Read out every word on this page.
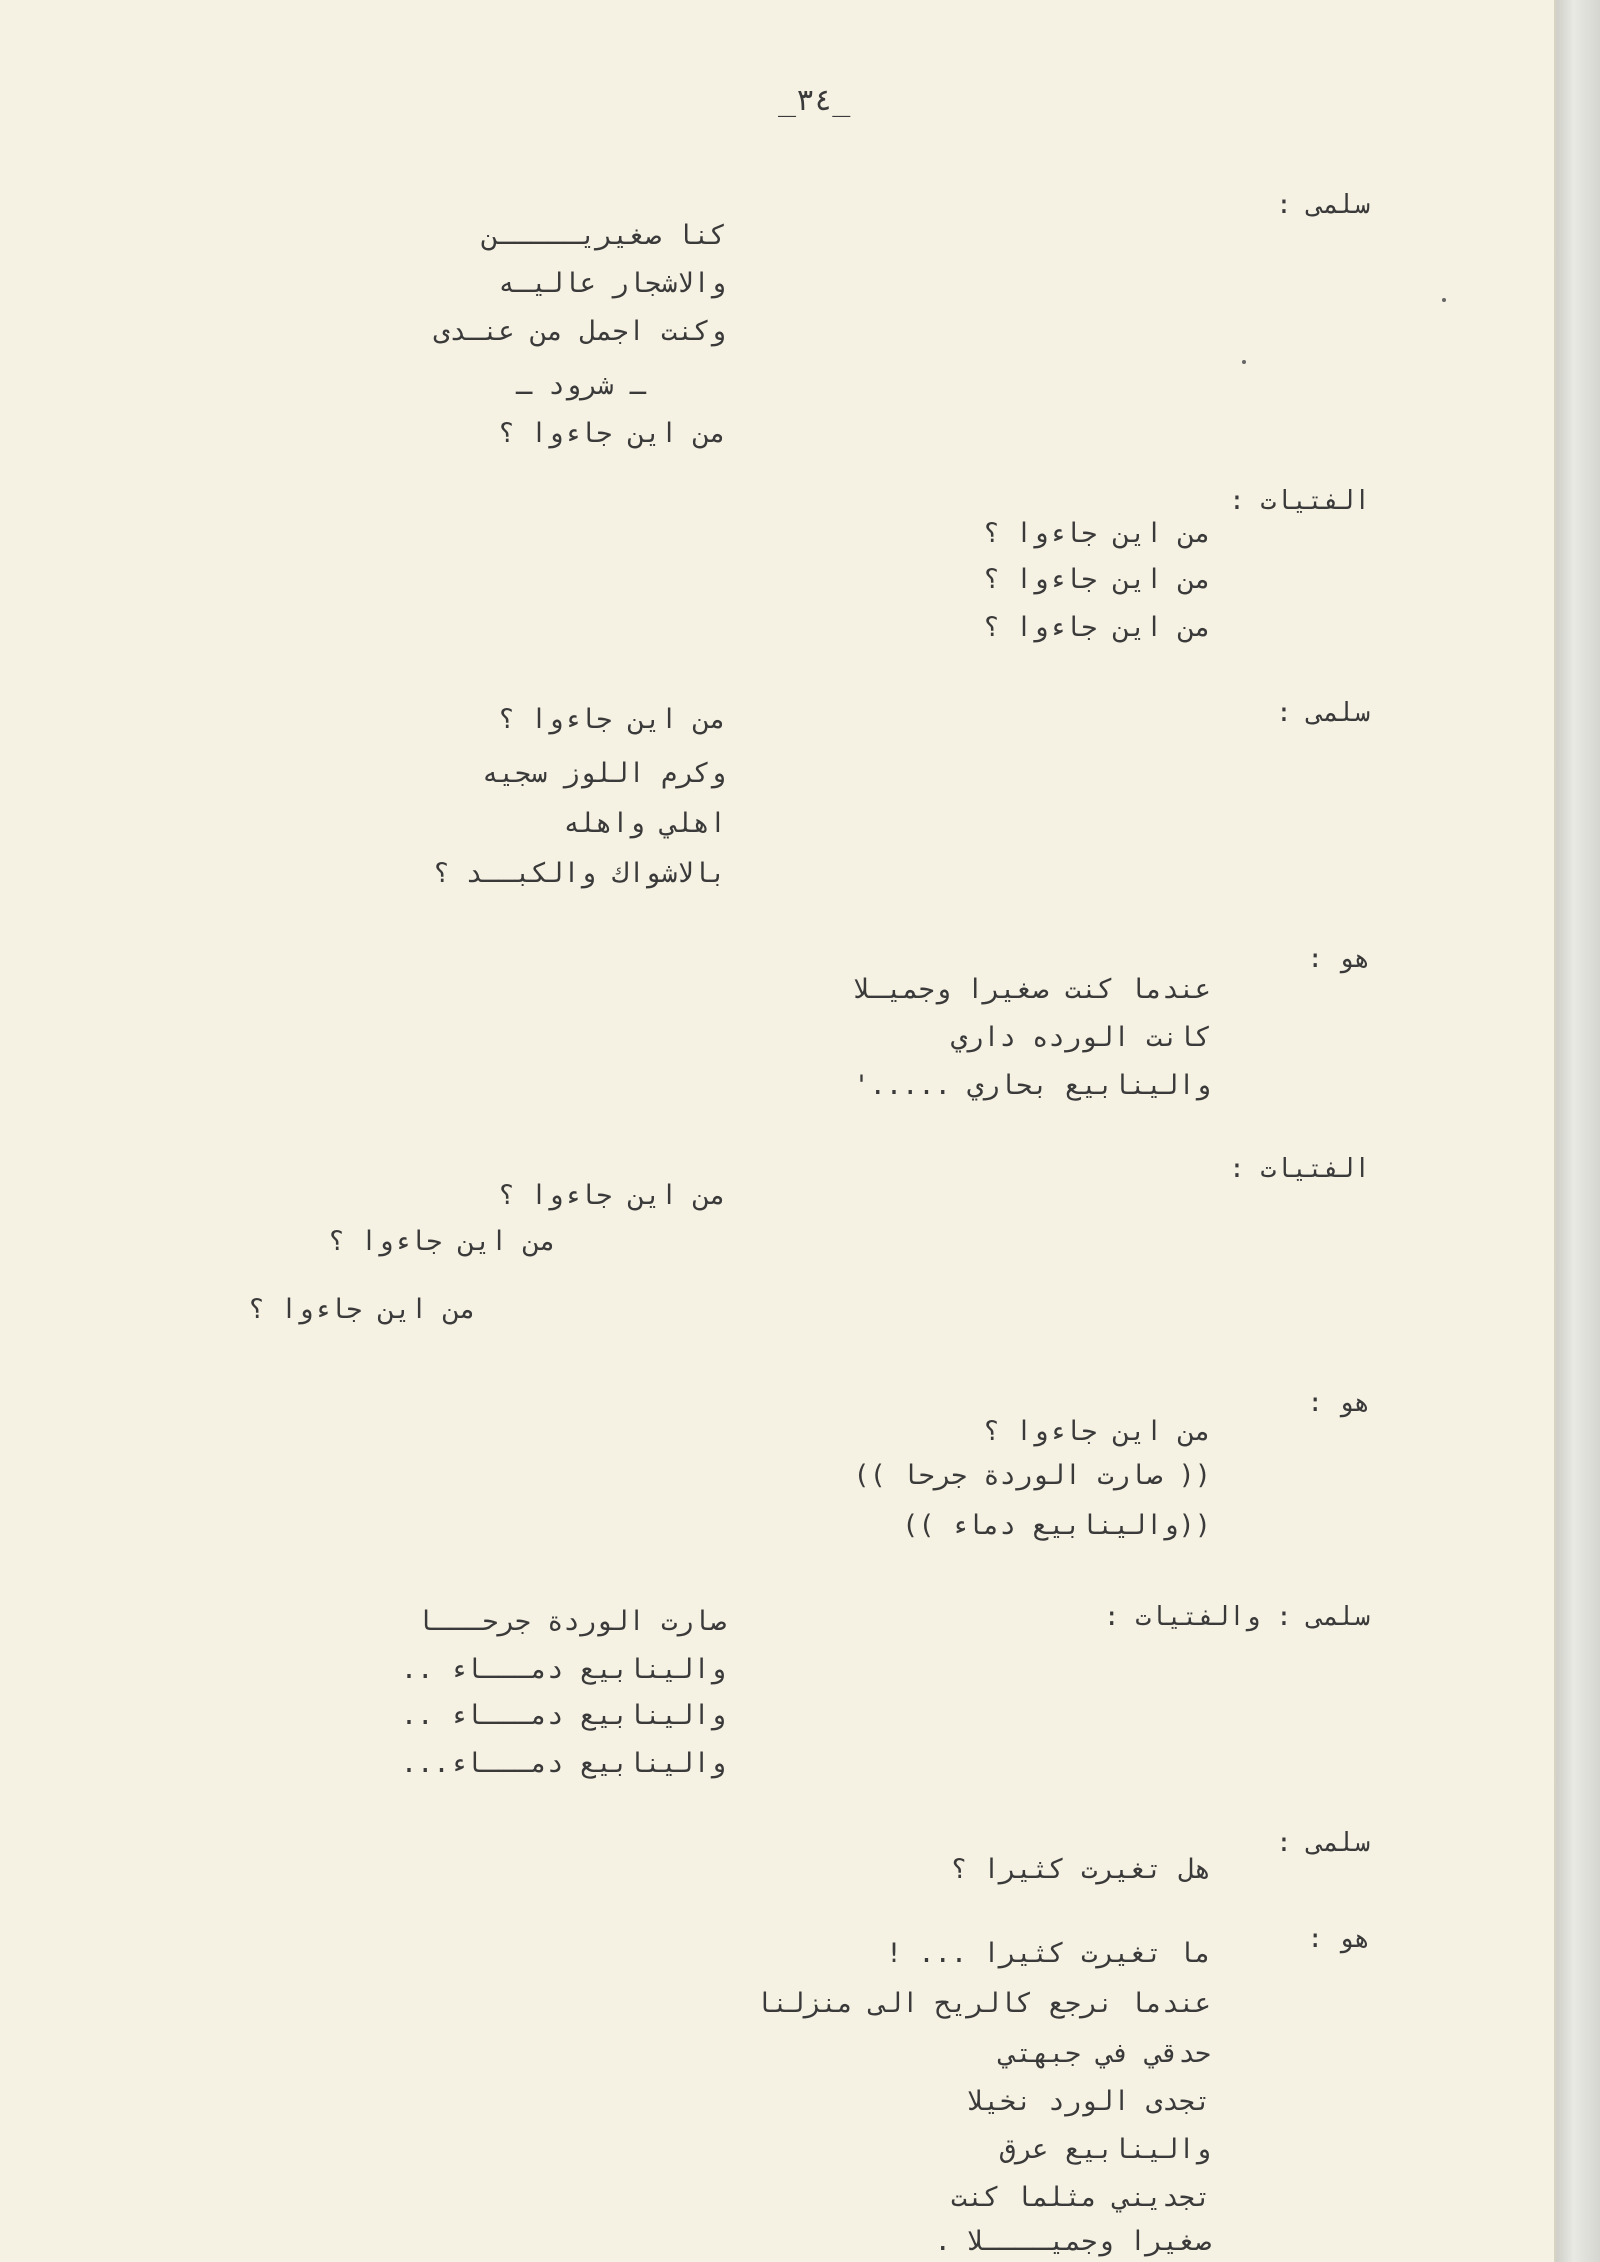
_٣٤_
سلمى :
كنا صغيريـــــن
والاشجار عاليـه
وكنت اجمل من عنـدى
ـ شرود ـ
من اين جاءوا ؟
الفتيات :
من اين جاءوا ؟
من اين جاءوا ؟
من اين جاءوا ؟
سلمى :
من اين جاءوا ؟
وكرم اللوز سجيه
اهلي واهله
بالاشواك والكبــد ؟
هو :
عندما كنت صغيرا وجميـلا
كانت الورده داري
والينابيع بحاري .....'
الفتيات :
من اين جاءوا ؟
من اين جاءوا ؟
من اين جاءوا ؟
هو :
من اين جاءوا ؟
(( صارت الوردة جرحا ))
((والينابيع دماء ))
سلمى : والفتيات :
صارت الوردة جرحـــا
والينابيع دمـــاء ..
والينابيع دمـــاء ..
والينابيع دمـــاء...
سلمى :
هل تغيرت كثيرا ؟
هو :
ما تغيرت كثيرا ... !
عندما نرجع كالريح الى منزلنا
حدقي في جبهتي
تجدى الورد نخيلا
والينابيع عرق
تجديني مثلما كنت
صغيرا وجميــــلا .
